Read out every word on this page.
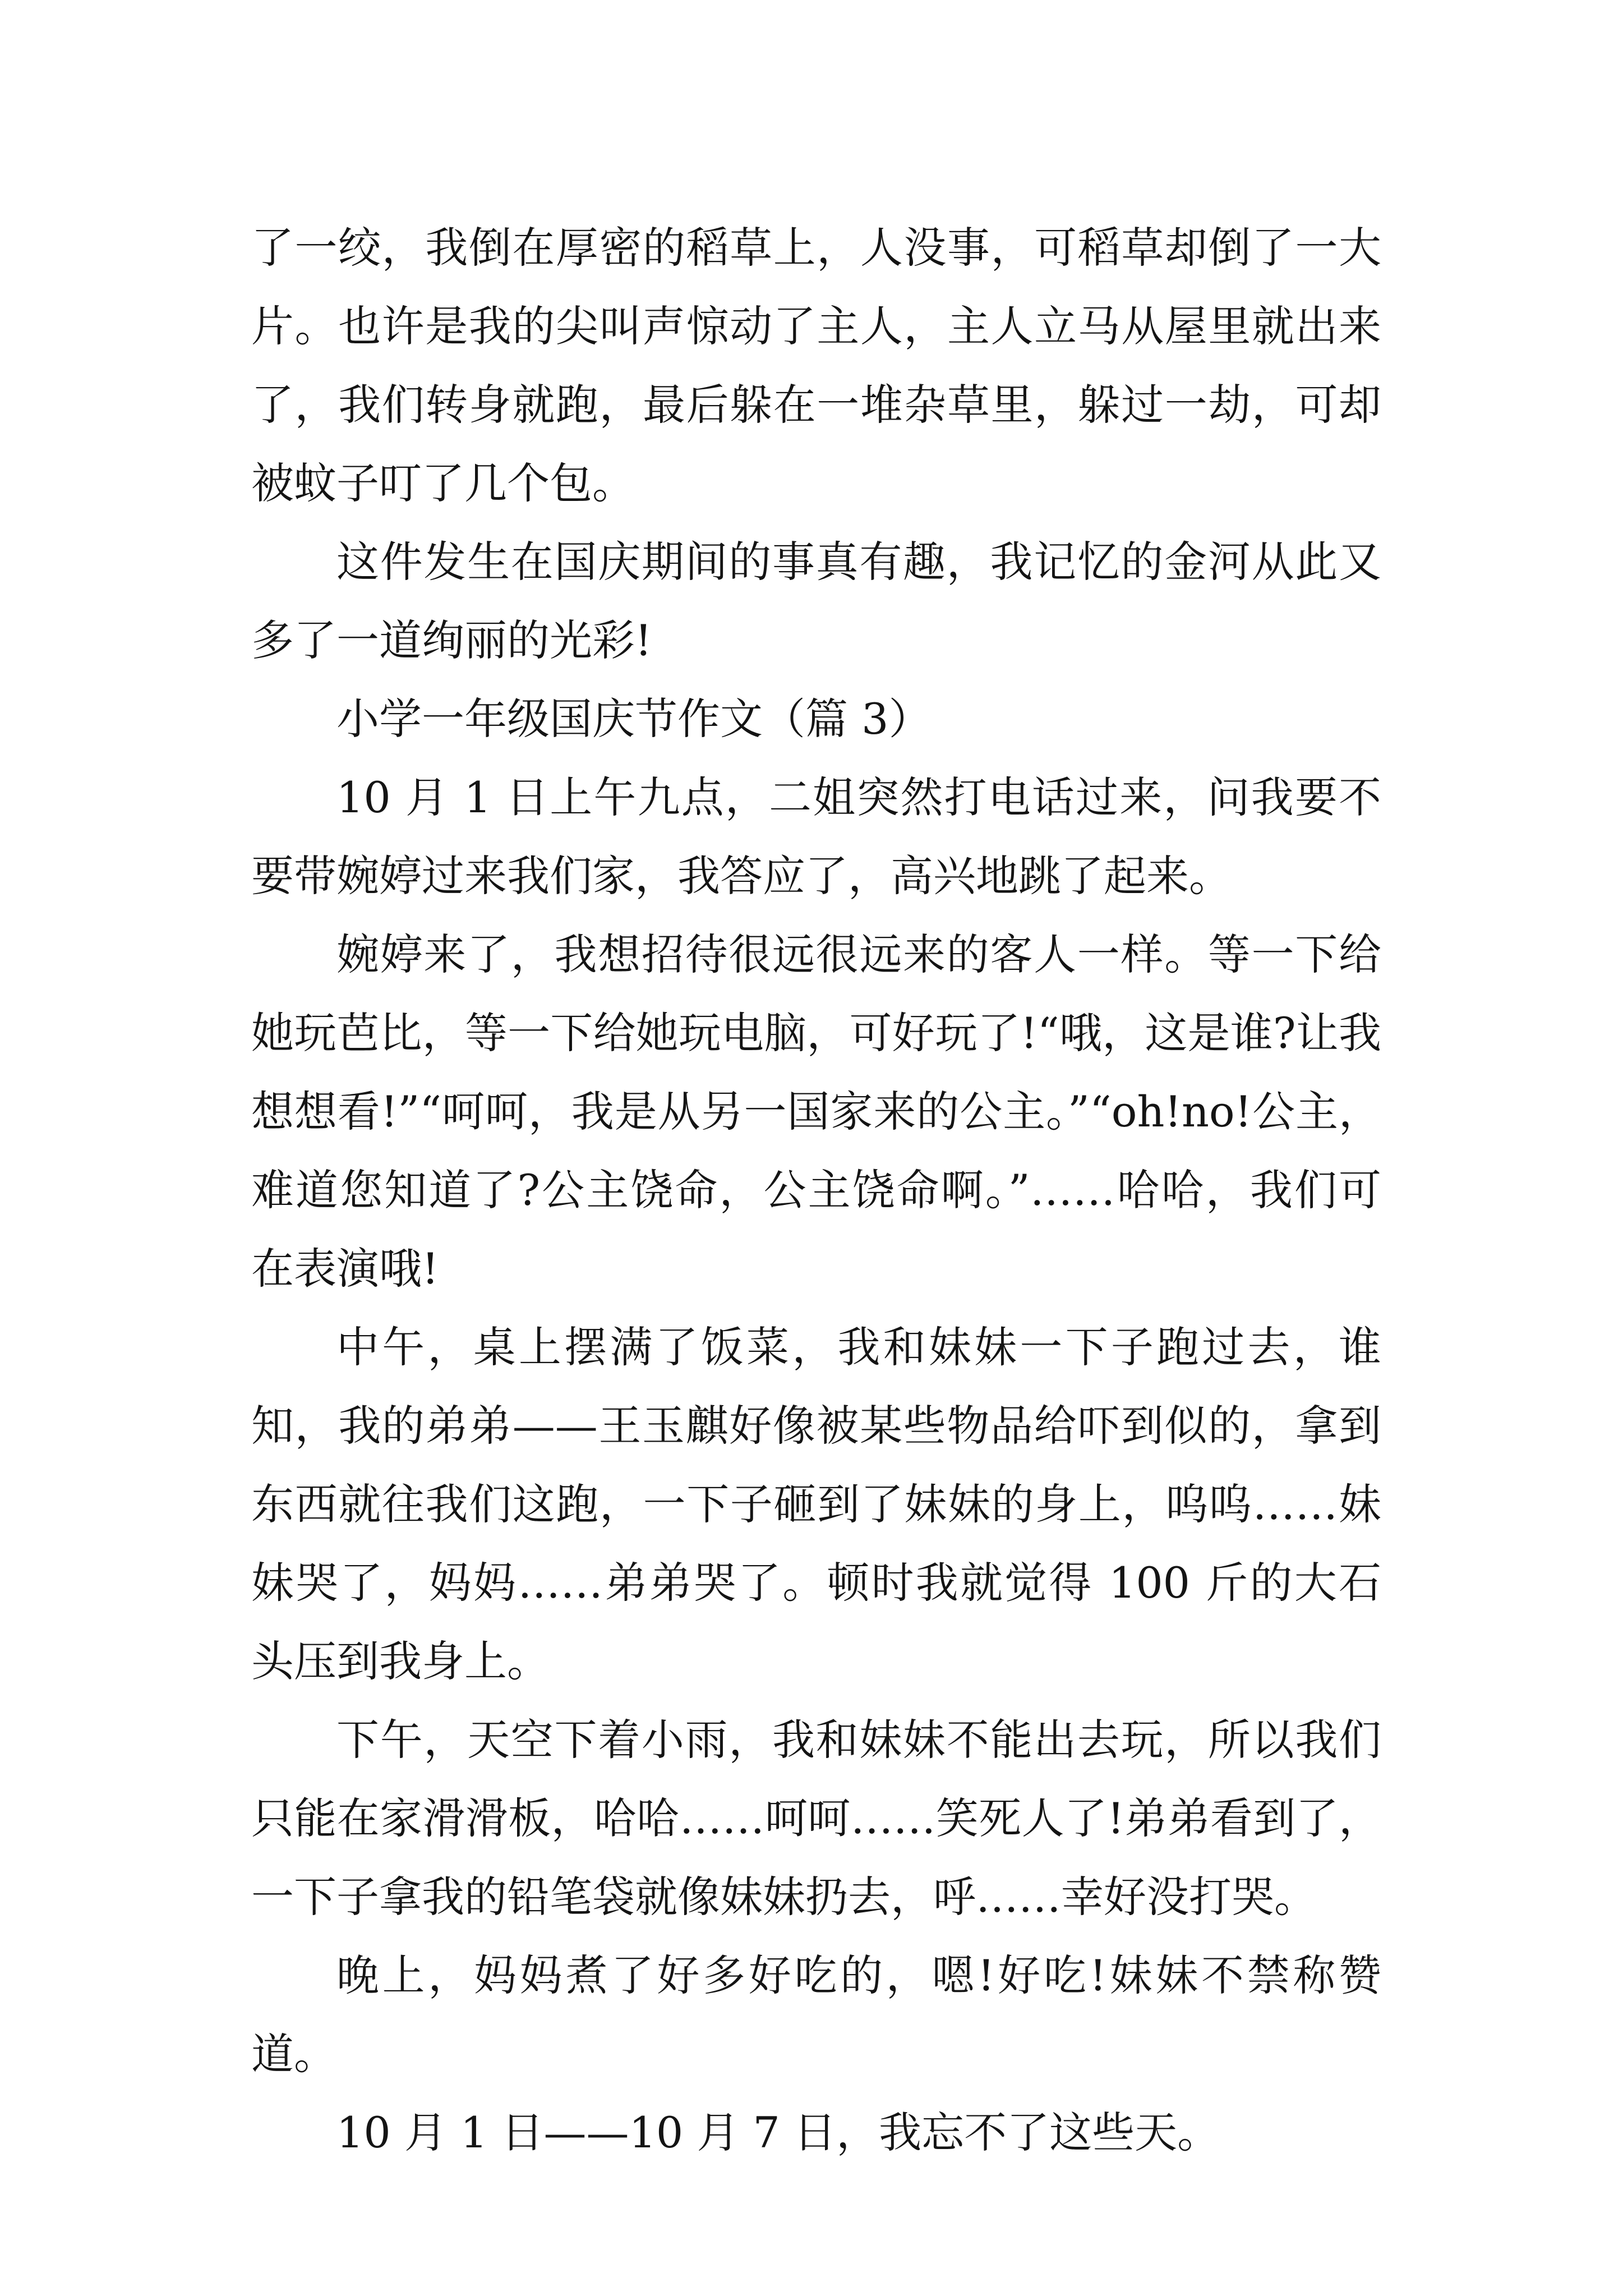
了一绞，我倒在厚密的稻草上，人没事，可稻草却倒了一大片。也许是我的尖叫声惊动了主人，主人立马从屋里就出来了，我们转身就跑，最后躲在一堆杂草里，躲过一劫，可却被蚊子叮了几个包。

这件发生在国庆期间的事真有趣，我记忆的金河从此又多了一道绚丽的光彩!

小学一年级国庆节作文（篇 3）

10 月 1 日上午九点，二姐突然打电话过来，问我要不要带婉婷过来我们家，我答应了，高兴地跳了起来。

婉婷来了，我想招待很远很远来的客人一样。等一下给她玩芭比，等一下给她玩电脑，可好玩了!“哦，这是谁?让我想想看!”“呵呵，我是从另一国家来的公主。”“oh!no!公主，难道您知道了?公主饶命，公主饶命啊。”……哈哈，我们可在表演哦!

中午，桌上摆满了饭菜，我和妹妹一下子跑过去，谁知，我的弟弟——王玉麒好像被某些物品给吓到似的，拿到东西就往我们这跑，一下子砸到了妹妹的身上，呜呜……妹妹哭了，妈妈……弟弟哭了。顿时我就觉得 100 斤的大石头压到我身上。

下午，天空下着小雨，我和妹妹不能出去玩，所以我们只能在家滑滑板，哈哈……呵呵……笑死人了!弟弟看到了，一下子拿我的铅笔袋就像妹妹扔去，呼……幸好没打哭。

晚上，妈妈煮了好多好吃的，嗯!好吃!妹妹不禁称赞道。

10 月 1 日——10 月 7 日，我忘不了这些天。
